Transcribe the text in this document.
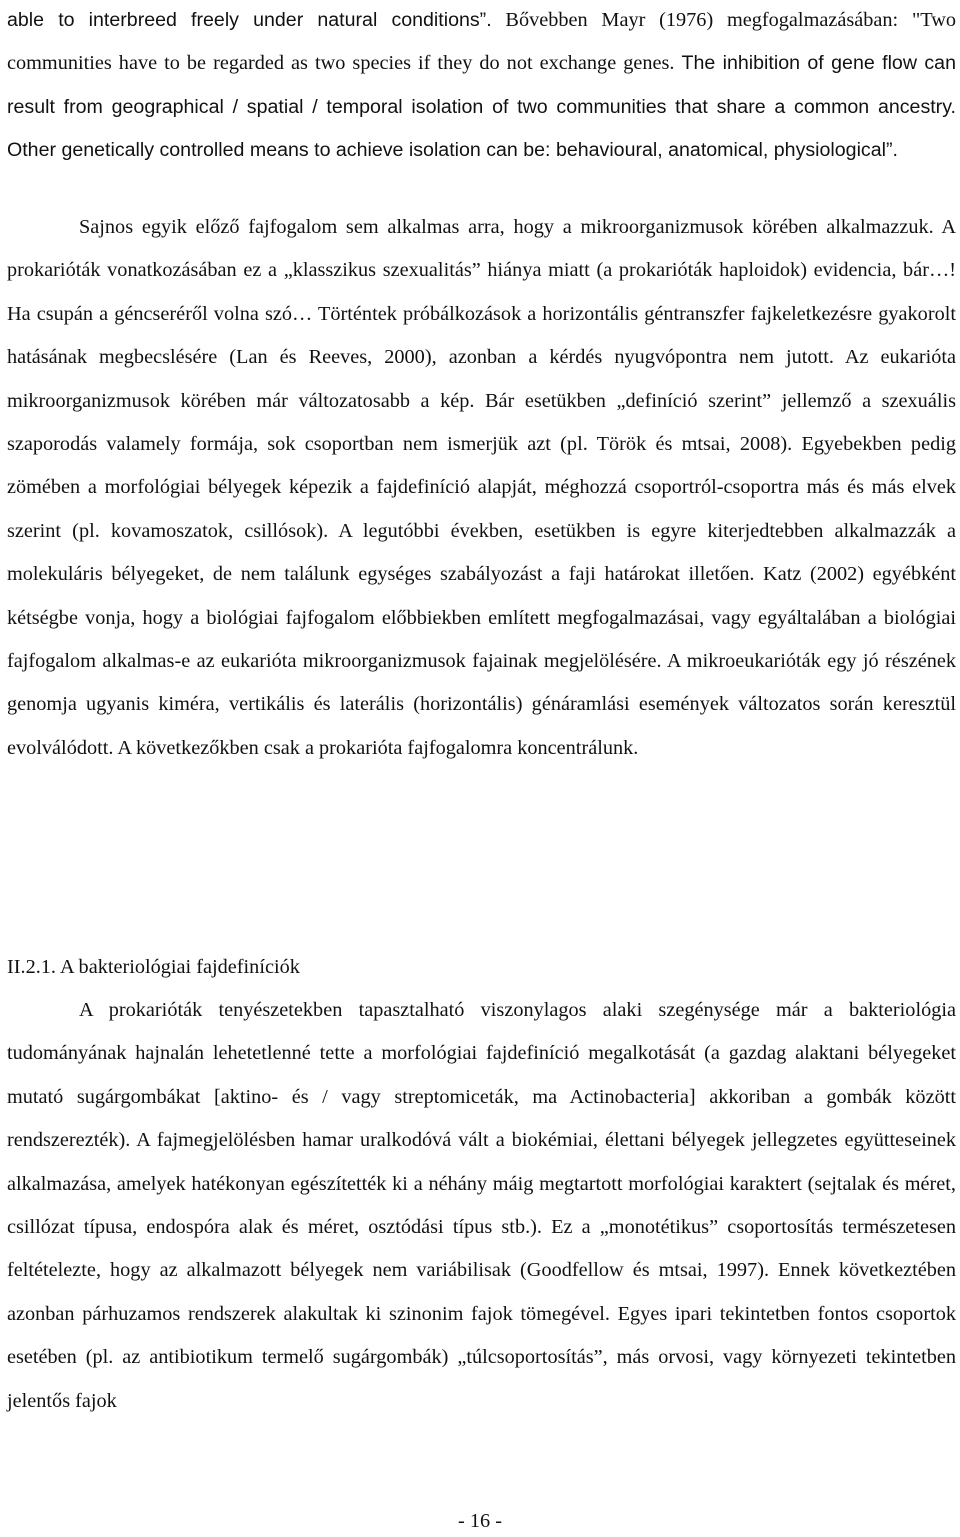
able to interbreed freely under natural conditions”. Bővebben Mayr (1976) megfogalmazásában: "Two communities have to be regarded as two species if they do not exchange genes. The inhibition of gene flow can result from geographical / spatial / temporal isolation of two communities that share a common ancestry. Other genetically controlled means to achieve isolation can be: behavioural, anatomical, physiological”.

Sajnos egyik előző fajfogalom sem alkalmas arra, hogy a mikroorganizmusok körében alkalmazzuk. A prokarióták vonatkozásában ez a „klasszikus szexualitás” hiánya miatt (a prokarióták haploidok) evidencia, bár…! Ha csupán a géncseréről volna szó… Történtek próbálkozások a horizontális géntranszfer fajkeletkezésre gyakorolt hatásának megbecslésére (Lan és Reeves, 2000), azonban a kérdés nyugvópontra nem jutott. Az eukarióta mikroorganizmusok körében már változatosabb a kép. Bár esetükben „definíció szerint” jellemző a szexuális szaporodás valamely formája, sok csoportban nem ismerjük azt (pl. Török és mtsai, 2008). Egyebekben pedig zömében a morfológiai bélyegek képezik a fajdefiníció alapját, méghozzá csoportról-csoportra más és más elvek szerint (pl. kovamoszatok, csillósok). A legutóbbi években, esetükben is egyre kiterjedtebben alkalmazzák a molekuláris bélyegeket, de nem találunk egységes szabályozást a faji határokat illetően. Katz (2002) egyébként kétségbe vonja, hogy a biológiai fajfogalom előbbiekben említett megfogalmazásai, vagy egyáltalában a biológiai fajfogalom alkalmas-e az eukarióta mikroorganizmusok fajainak megjelölésére. A mikroeukarióták egy jó részének genomja ugyanis kiméra, vertikális és laterális (horizontális) génáramlási események változatos során keresztül evolválódott. A következőkben csak a prokarióta fajfogalomra koncentrálunk.

II.2.1. A bakteriológiai fajdefiníciók

A prokarióták tenyészetekben tapasztalható viszonylagos alaki szegénysége már a bakteriológia tudományának hajnalán lehetetlenné tette a morfológiai fajdefiníció megalkotását (a gazdag alaktani bélyegeket mutató sugárgombákat [aktino- és / vagy streptomiceták, ma Actinobacteria] akkoriban a gombák között rendszerezték). A fajmegjelölésben hamar uralkodóvá vált a biokémiai, élettani bélyegek jellegzetes együtteseinek alkalmazása, amelyek hatékonyan egészítették ki a néhány máig megtartott morfológiai karaktert (sejtalak és méret, csillózat típusa, endospóra alak és méret, osztódási típus stb.). Ez a „monotétikus” csoportosítás természetesen feltételezte, hogy az alkalmazott bélyegek nem variábilisak (Goodfellow és mtsai, 1997). Ennek következtében azonban párhuzamos rendszerek alakultak ki szinonim fajok tömegével. Egyes ipari tekintetben fontos csoportok esetében (pl. az antibiotikum termelő sugárgombák) „túlcsoportosítás”, más orvosi, vagy környezeti tekintetben jelentős fajok

- 16 -
